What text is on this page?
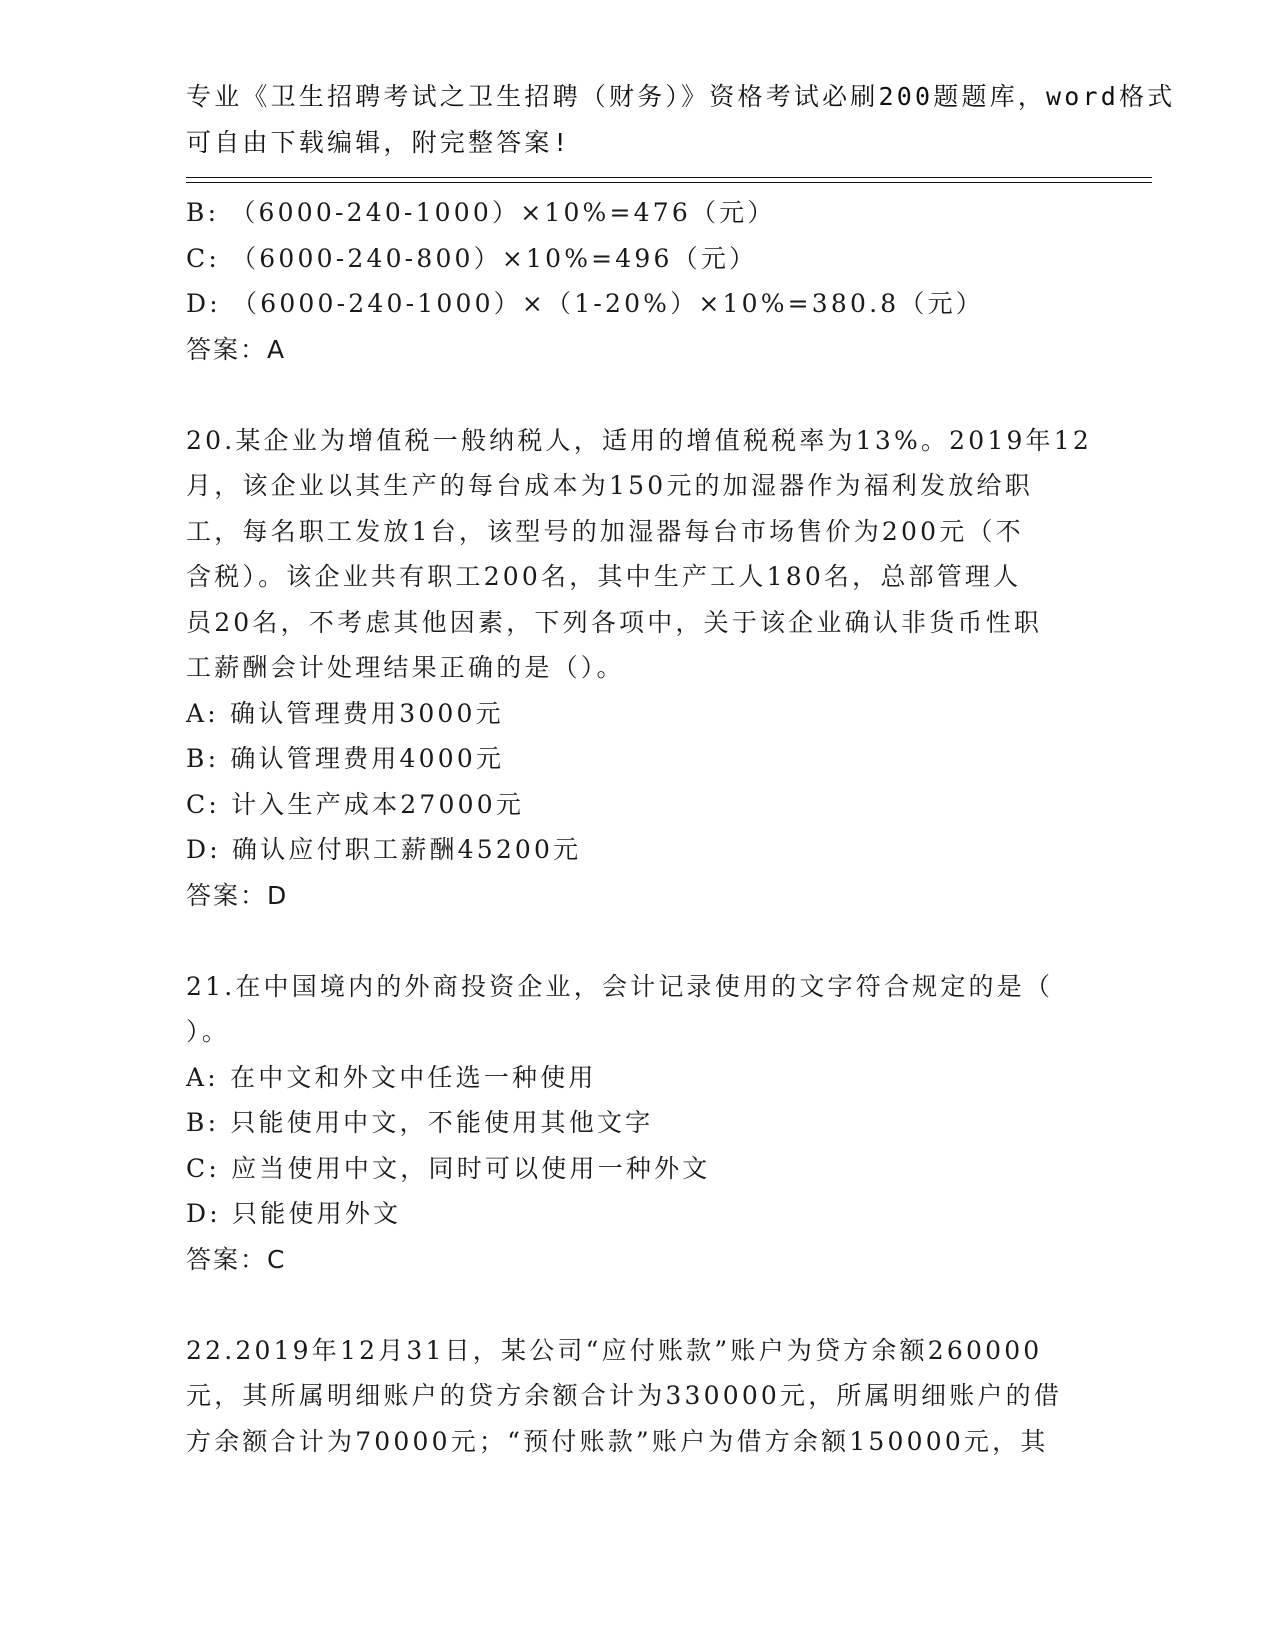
专业《卫生招聘考试之卫生招聘（财务）》资格考试必刷200题题库，word格式
可自由下载编辑，附完整答案!
B: （6000-240-1000）×10%=476（元）
C: （6000-240-800）×10%=496（元）
D: （6000-240-1000）×（1-20%）×10%=380.8（元）
答案：A
20.某企业为增值税一般纳税人，适用的增值税税率为13%。2019年12
月，该企业以其生产的每台成本为150元的加湿器作为福利发放给职
工，每名职工发放1台，该型号的加湿器每台市场售价为200元（不
含税）。该企业共有职工200名，其中生产工人180名，总部管理人
员20名，不考虑其他因素，下列各项中，关于该企业确认非货币性职
工薪酬会计处理结果正确的是（）。
A: 确认管理费用3000元
B: 确认管理费用4000元
C: 计入生产成本27000元
D: 确认应付职工薪酬45200元
答案：D
21.在中国境内的外商投资企业，会计记录使用的文字符合规定的是（
）。
A: 在中文和外文中任选一种使用
B: 只能使用中文，不能使用其他文字
C: 应当使用中文，同时可以使用一种外文
D: 只能使用外文
答案：C
22.2019年12月31日，某公司“应付账款”账户为贷方余额260000
元，其所属明细账户的贷方余额合计为330000元，所属明细账户的借
方余额合计为70000元；“预付账款”账户为借方余额150000元，其
